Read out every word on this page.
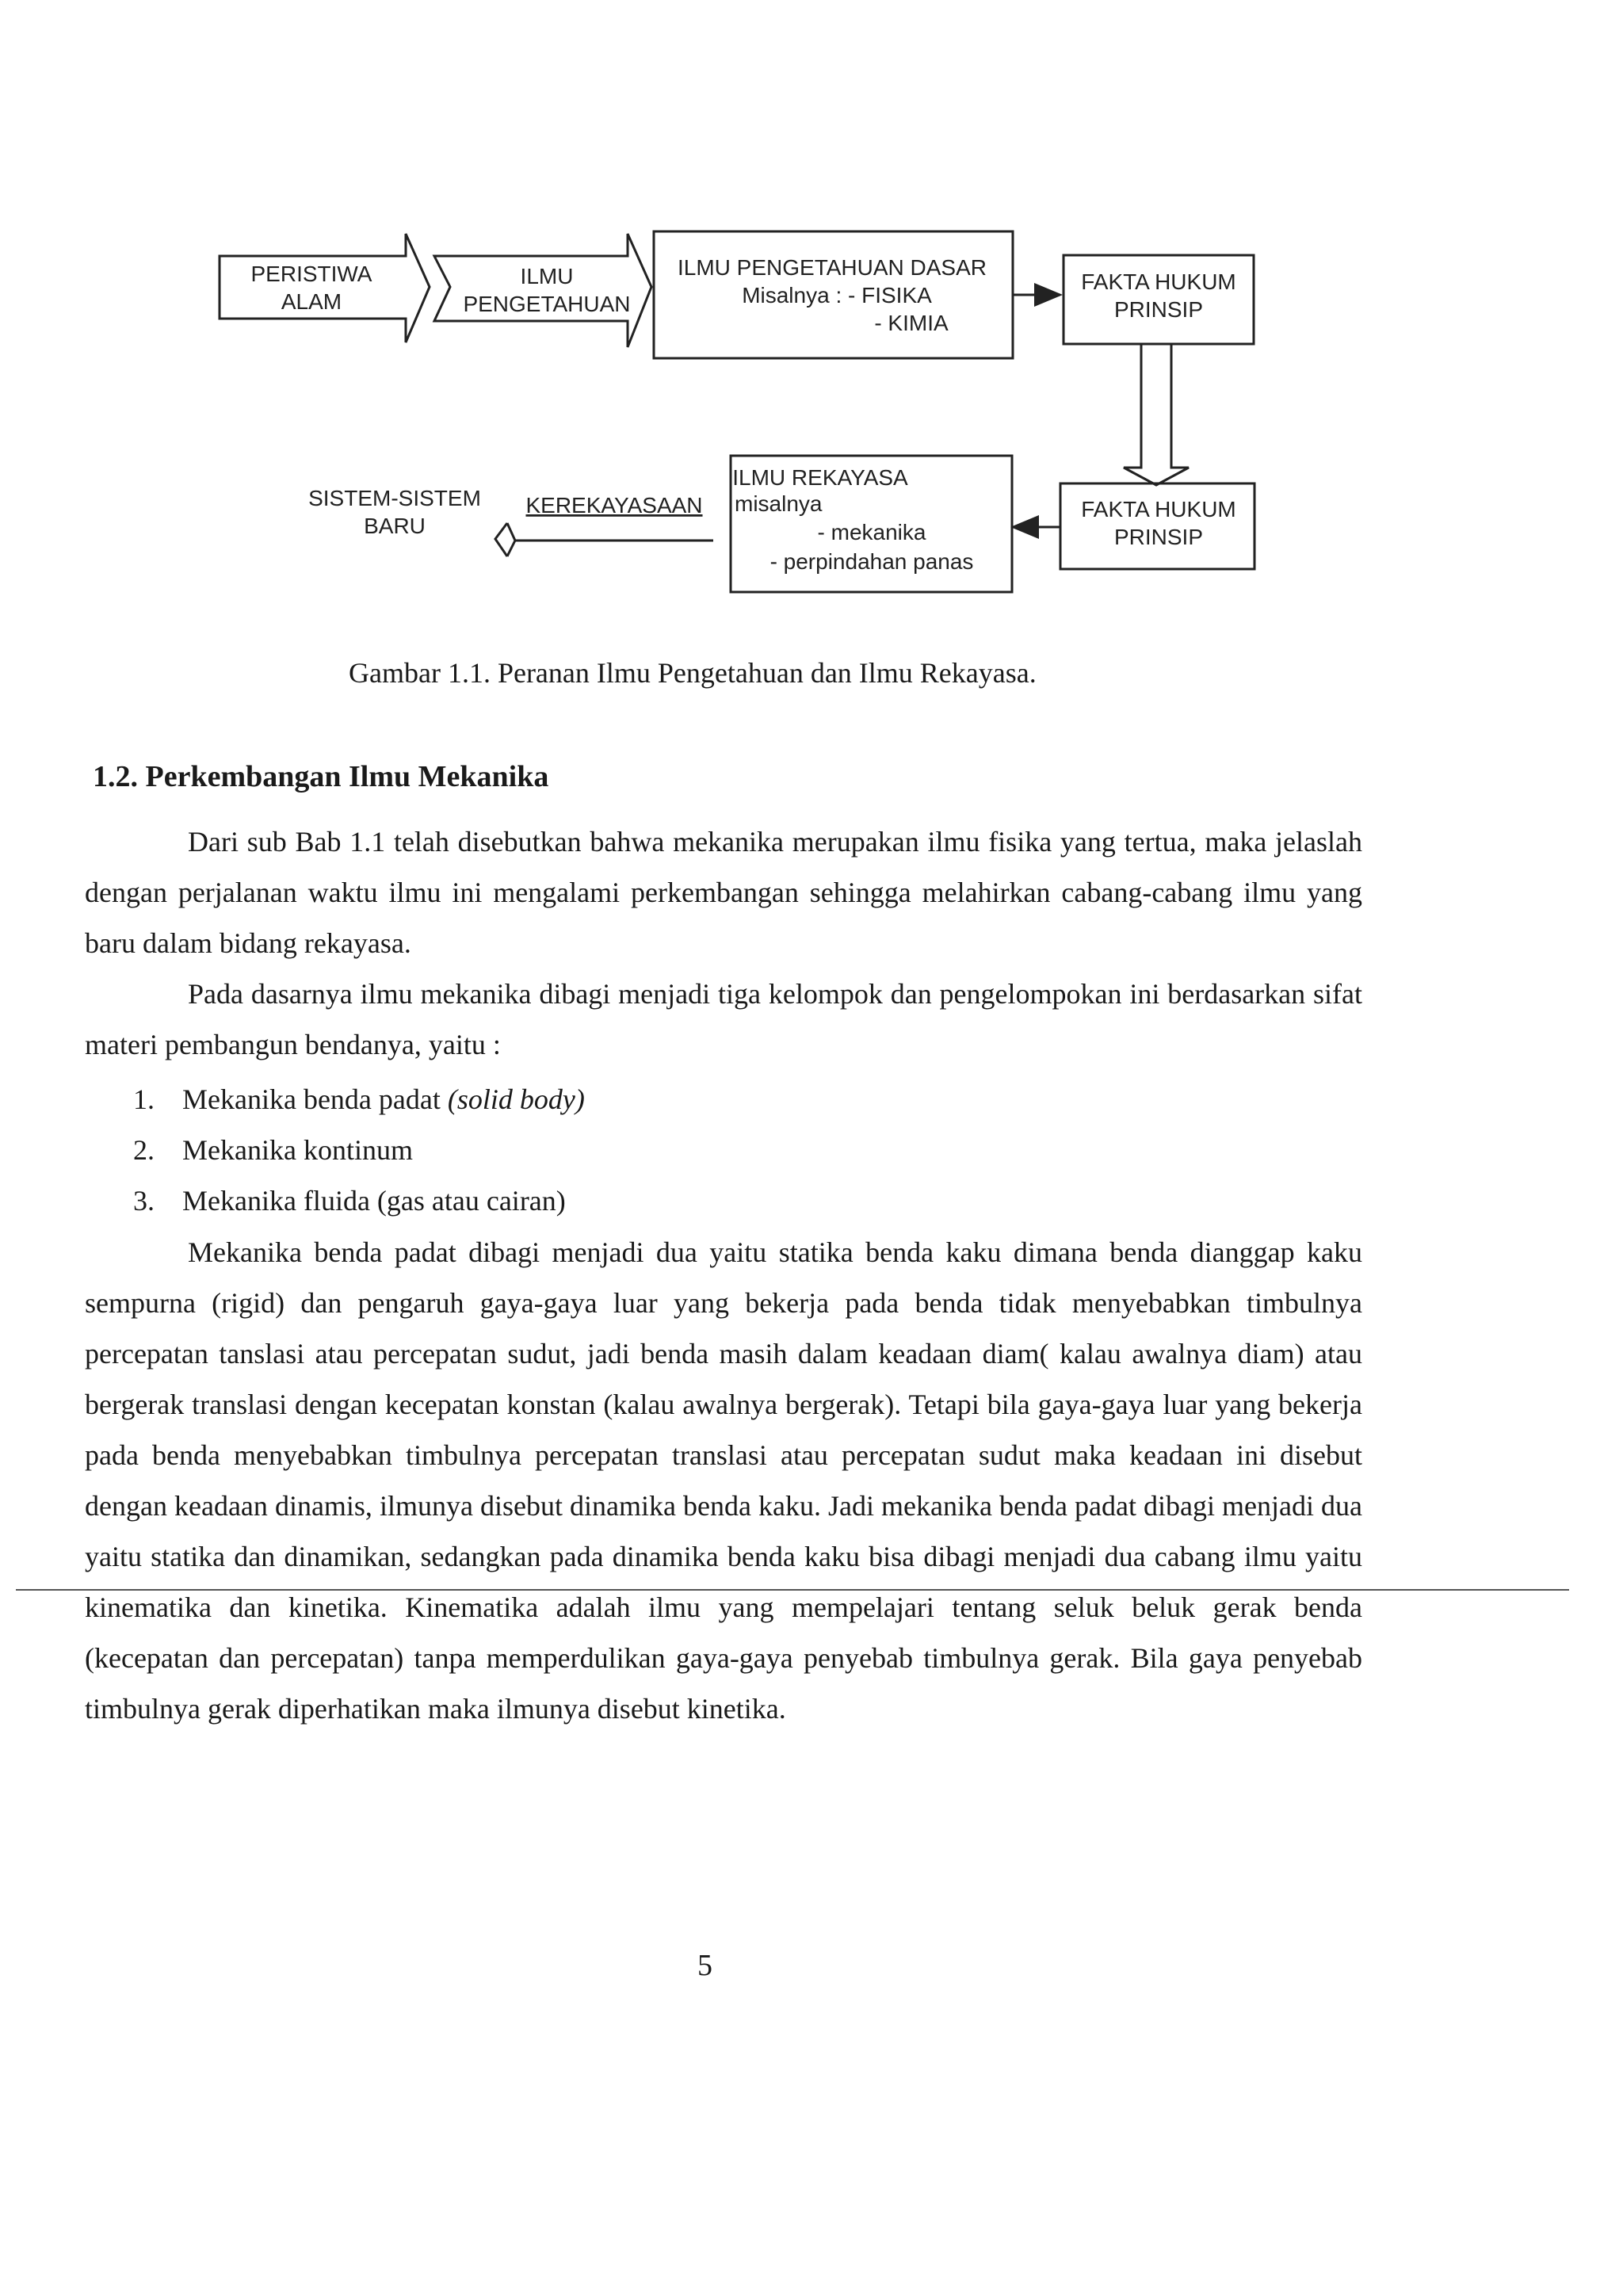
PERISTIWA
ALAM
ILMU
PENGETAHUAN
ILMU PENGETAHUAN DASAR
Misalnya : - FISIKA
- KIMIA
FAKTA HUKUM
PRINSIP
FAKTA HUKUM
PRINSIP
ILMU REKAYASA
misalnya
- mekanika
- perpindahan panas
KEREKAYASAAN
SISTEM-SISTEM
BARU
Gambar 1.1. Peranan Ilmu Pengetahuan dan Ilmu Rekayasa.
1.2. Perkembangan Ilmu Mekanika

Dari sub Bab 1.1 telah disebutkan bahwa mekanika merupakan ilmu fisika yang tertua, maka jelaslah dengan perjalanan waktu ilmu ini mengalami perkembangan sehingga melahirkan cabang-cabang ilmu yang baru dalam bidang rekayasa.

Pada dasarnya ilmu mekanika dibagi menjadi tiga kelompok dan pengelompokan ini berdasarkan sifat materi pembangun bendanya, yaitu :

1. Mekanika benda padat (solid body)
2. Mekanika kontinum
3. Mekanika fluida (gas atau cairan)

Mekanika benda padat dibagi menjadi dua yaitu statika benda kaku dimana benda dianggap kaku sempurna (rigid) dan pengaruh gaya-gaya luar yang bekerja pada benda tidak menyebabkan timbulnya percepatan tanslasi atau percepatan sudut, jadi benda masih dalam keadaan diam( kalau awalnya diam) atau bergerak translasi dengan kecepatan konstan (kalau awalnya bergerak). Tetapi bila gaya-gaya luar yang bekerja pada benda menyebabkan timbulnya percepatan translasi atau percepatan sudut maka keadaan ini disebut dengan keadaan dinamis, ilmunya disebut dinamika benda kaku. Jadi mekanika benda padat dibagi menjadi dua yaitu statika dan dinamikan, sedangkan pada dinamika benda kaku bisa dibagi menjadi dua cabang ilmu yaitu kinematika dan kinetika. Kinematika adalah ilmu yang mempelajari tentang seluk beluk gerak benda (kecepatan dan percepatan) tanpa memperdulikan gaya-gaya penyebab timbulnya gerak. Bila gaya penyebab timbulnya gerak diperhatikan maka ilmunya disebut kinetika.

5
